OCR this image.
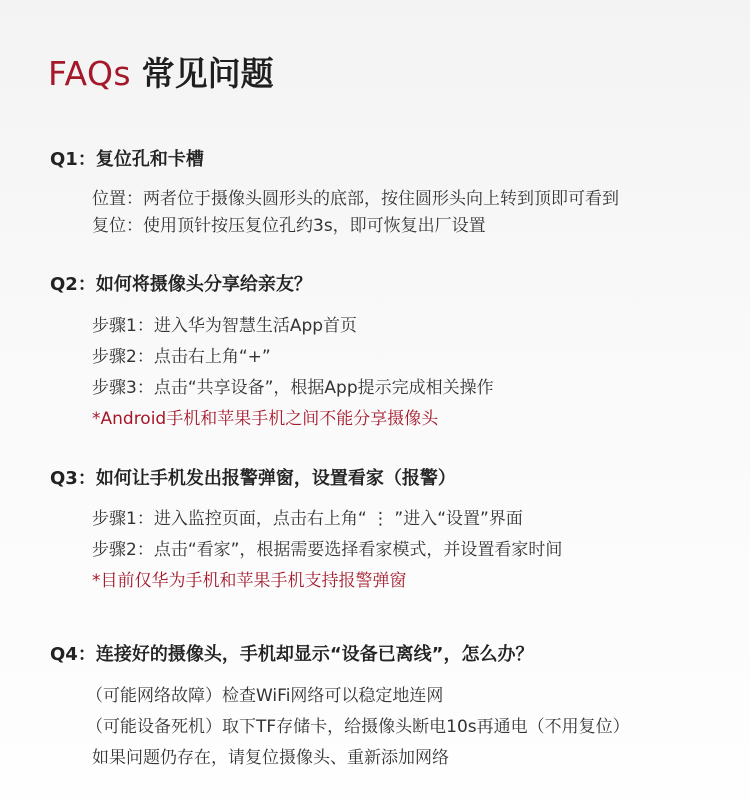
FAQs 常见问题
Q1：复位孔和卡槽
位置：两者位于摄像头圆形头的底部，按住圆形头向上转到顶即可看到
复位：使用顶针按压复位孔约3s，即可恢复出厂设置
Q2：如何将摄像头分享给亲友？
步骤1：进入华为智慧生活App首页
步骤2：点击右上角“+”
步骤3：点击“共享设备”，根据App提示完成相关操作
*Android手机和苹果手机之间不能分享摄像头
Q3：如何让手机发出报警弹窗，设置看家（报警）
步骤1：进入监控页面，点击右上角“ ⋮ ”进入“设置”界面
步骤2：点击“看家”，根据需要选择看家模式，并设置看家时间
*目前仅华为手机和苹果手机支持报警弹窗
Q4：连接好的摄像头，手机却显示“设备已离线”，怎么办？
（可能网络故障）检查WiFi网络可以稳定地连网
（可能设备死机）取下TF存储卡，给摄像头断电10s再通电（不用复位）
如果问题仍存在，请复位摄像头、重新添加网络
